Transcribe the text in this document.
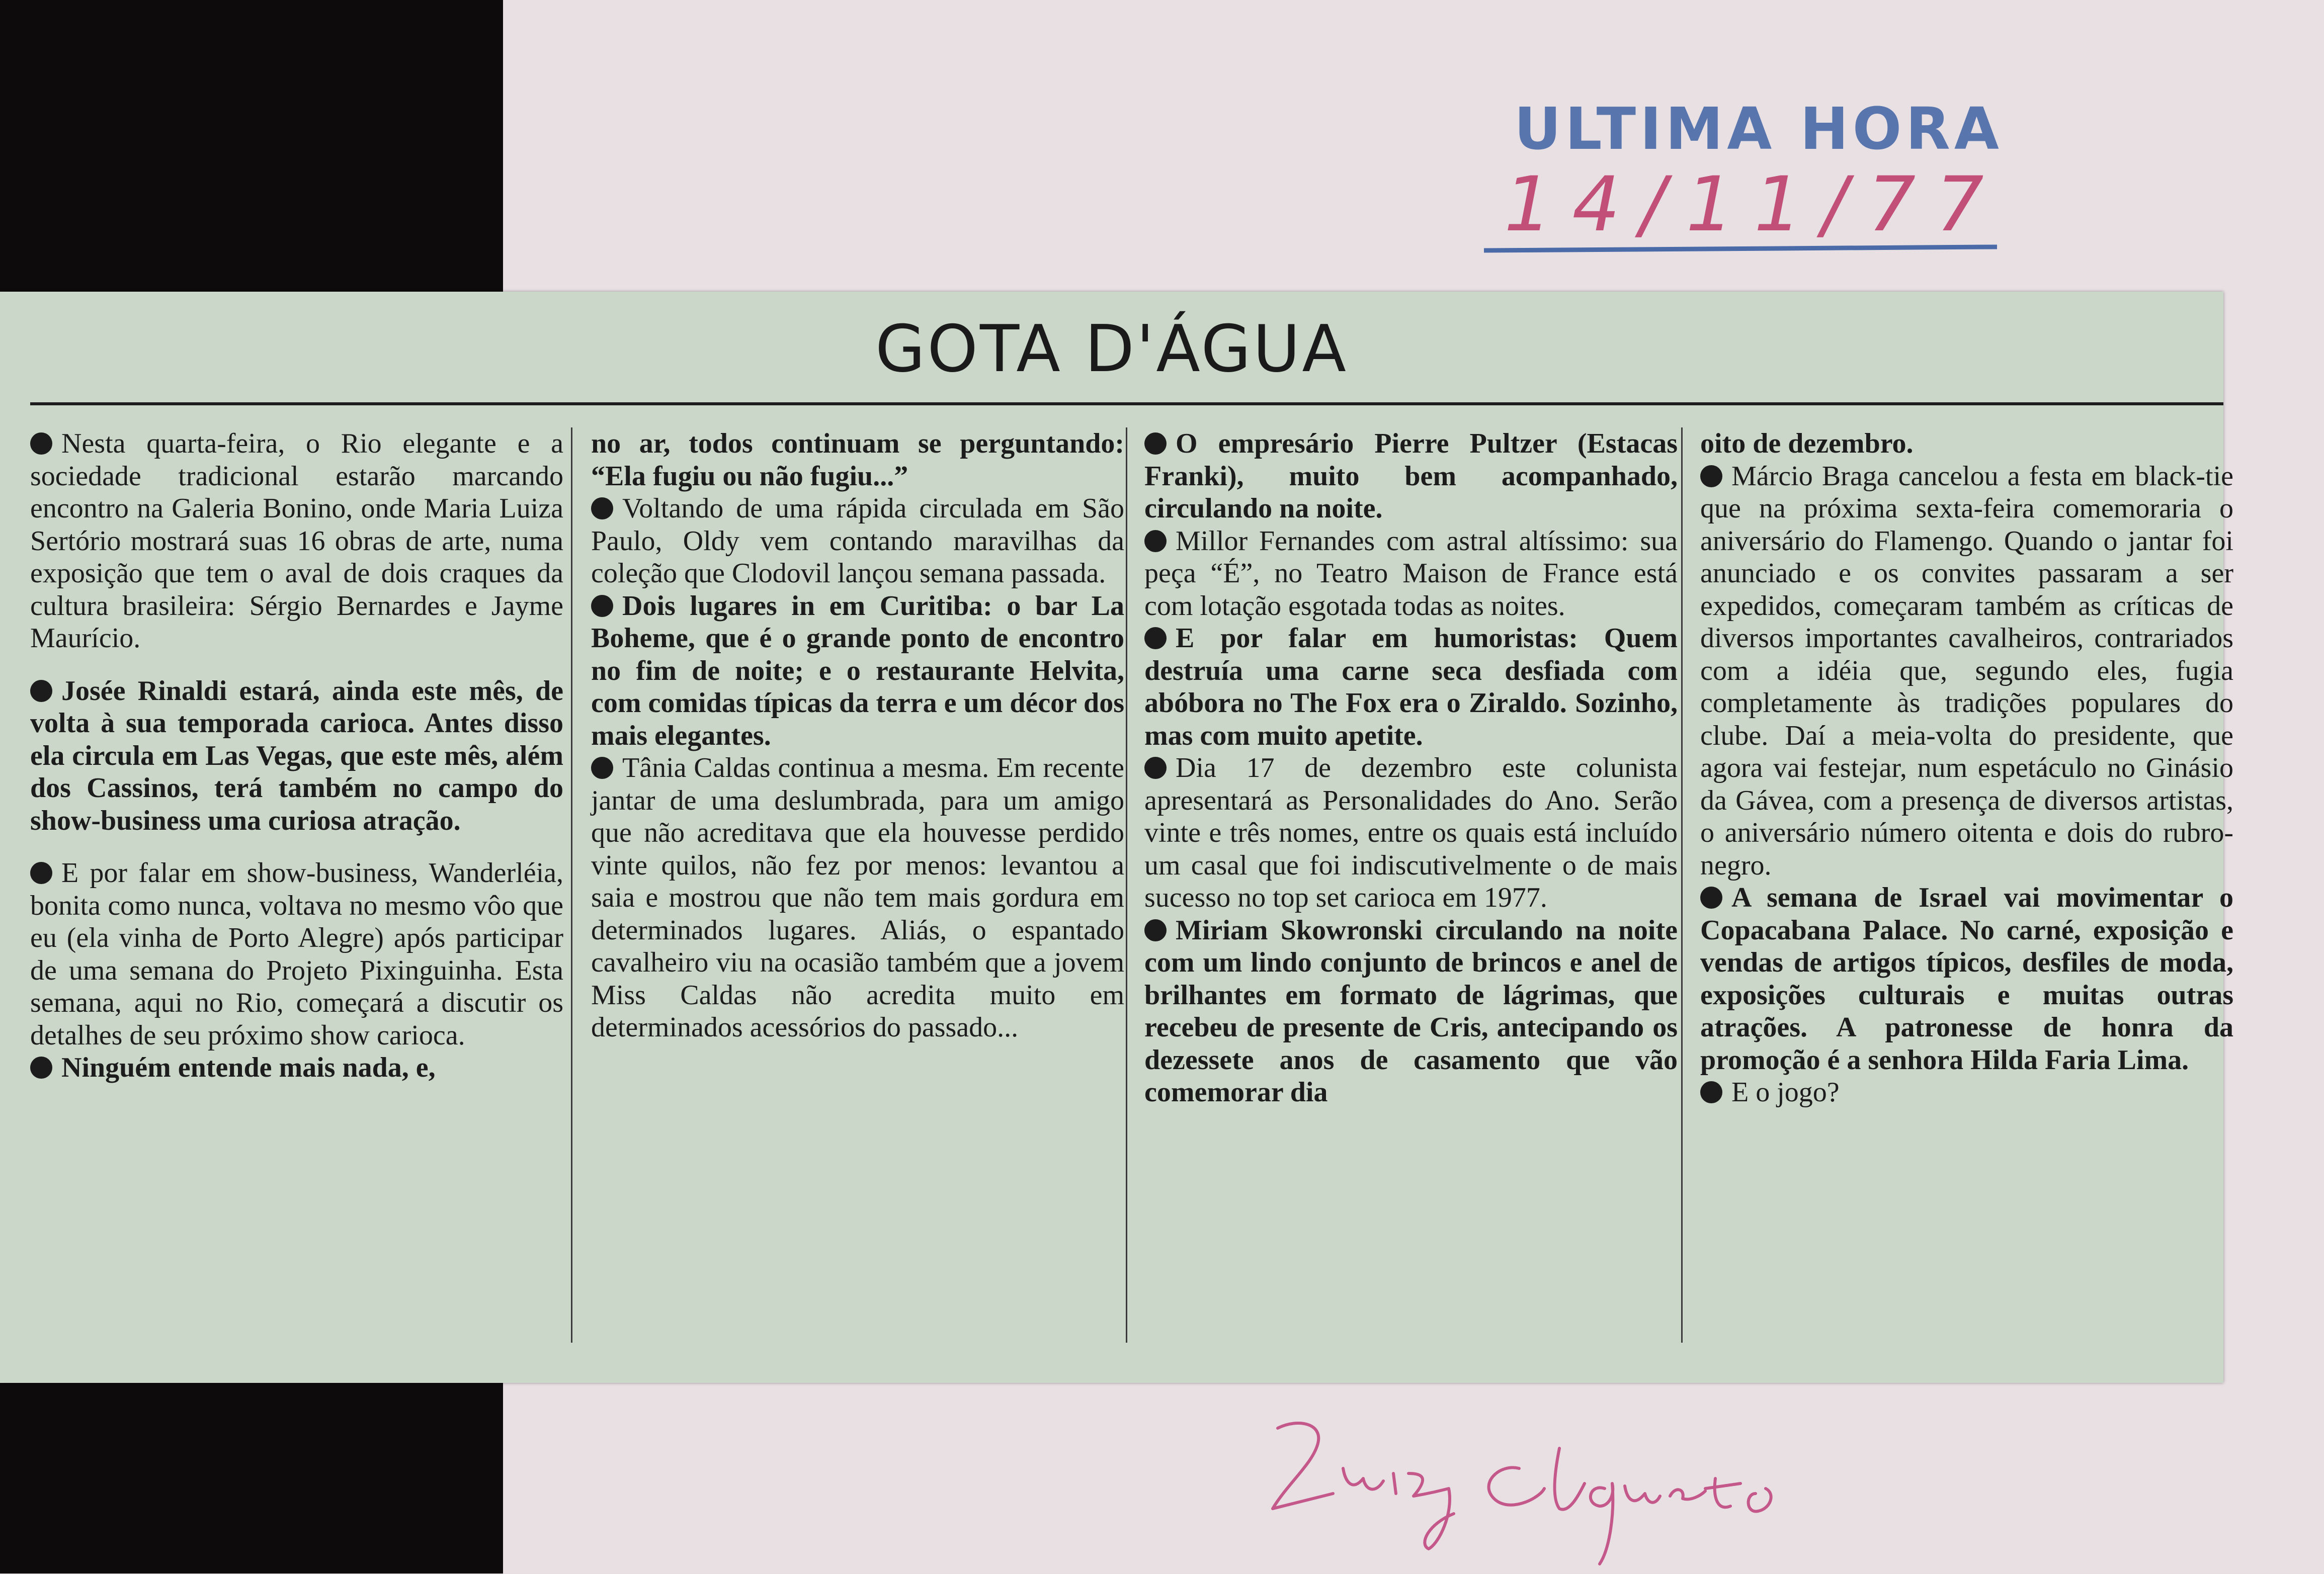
ULTIMA HORA
14/11/77
GOTA D'ÁGUA

Nesta quarta-feira, o Rio elegante e a sociedade tradicional estarão marcando encontro na Galeria Bonino, onde Maria Luiza Sertório mostrará suas 16 obras de arte, numa exposição que tem o aval de dois craques da cultura brasileira: Sérgio Bernardes e Jayme Maurício.

Josée Rinaldi estará, ainda este mês, de volta à sua temporada carioca. Antes disso ela circula em Las Vegas, que este mês, além dos Cassinos, terá também no campo do show-business uma curiosa atração.

E por falar em show-business, Wanderléia, bonita como nunca, voltava no mesmo vôo que eu (ela vinha de Porto Alegre) após participar de uma semana do Projeto Pixinguinha. Esta semana, aqui no Rio, começará a discutir os detalhes de seu próximo show carioca.

Ninguém entende mais nada, e,

no ar, todos continuam se perguntando: “Ela fugiu ou não fugiu...”

Voltando de uma rápida circulada em São Paulo, Oldy vem contando maravilhas da coleção que Clodovil lançou semana passada.

Dois lugares in em Curitiba: o bar La Boheme, que é o grande ponto de encontro no fim de noite; e o restaurante Helvita, com comidas típicas da terra e um décor dos mais elegantes.

Tânia Caldas continua a mesma. Em recente jantar de uma deslumbrada, para um amigo que não acreditava que ela houvesse perdido vinte quilos, não fez por menos: levantou a saia e mostrou que não tem mais gordura em determinados lugares. Aliás, o espantado cavalheiro viu na ocasião também que a jovem Miss Caldas não acredita muito em determinados acessórios do passado...

O empresário Pierre Pultzer (Estacas Franki), muito bem acompanhado, circulando na noite.

Millor Fernandes com astral altíssimo: sua peça “É”, no Teatro Maison de France está com lotação esgotada todas as noites.

E por falar em humoristas: Quem destruía uma carne seca desfiada com abóbora no The Fox era o Ziraldo. Sozinho, mas com muito apetite.

Dia 17 de dezembro este colunista apresentará as Personalidades do Ano. Serão vinte e três nomes, entre os quais está incluído um casal que foi indiscutivelmente o de mais sucesso no top set carioca em 1977.

Miriam Skowronski circulando na noite com um lindo conjunto de brincos e anel de brilhantes em formato de lágrimas, que recebeu de presente de Cris, antecipando os dezessete anos de casamento que vão comemorar dia

oito de dezembro.

Márcio Braga cancelou a festa em black-tie que na próxima sexta-feira comemoraria o aniversário do Flamengo. Quando o jantar foi anunciado e os convites passaram a ser expedidos, começaram também as críticas de diversos importantes cavalheiros, contrariados com a idéia que, segundo eles, fugia completamente às tradições populares do clube. Daí a meia-volta do presidente, que agora vai festejar, num espetáculo no Ginásio da Gávea, com a presença de diversos artistas, o aniversário número oitenta e dois do rubro-negro.

A semana de Israel vai movimentar o Copacabana Palace. No carné, exposição e vendas de artigos típicos, desfiles de moda, exposições culturais e muitas outras atrações. A patronesse de honra da promoção é a senhora Hilda Faria Lima.

E o jogo?
